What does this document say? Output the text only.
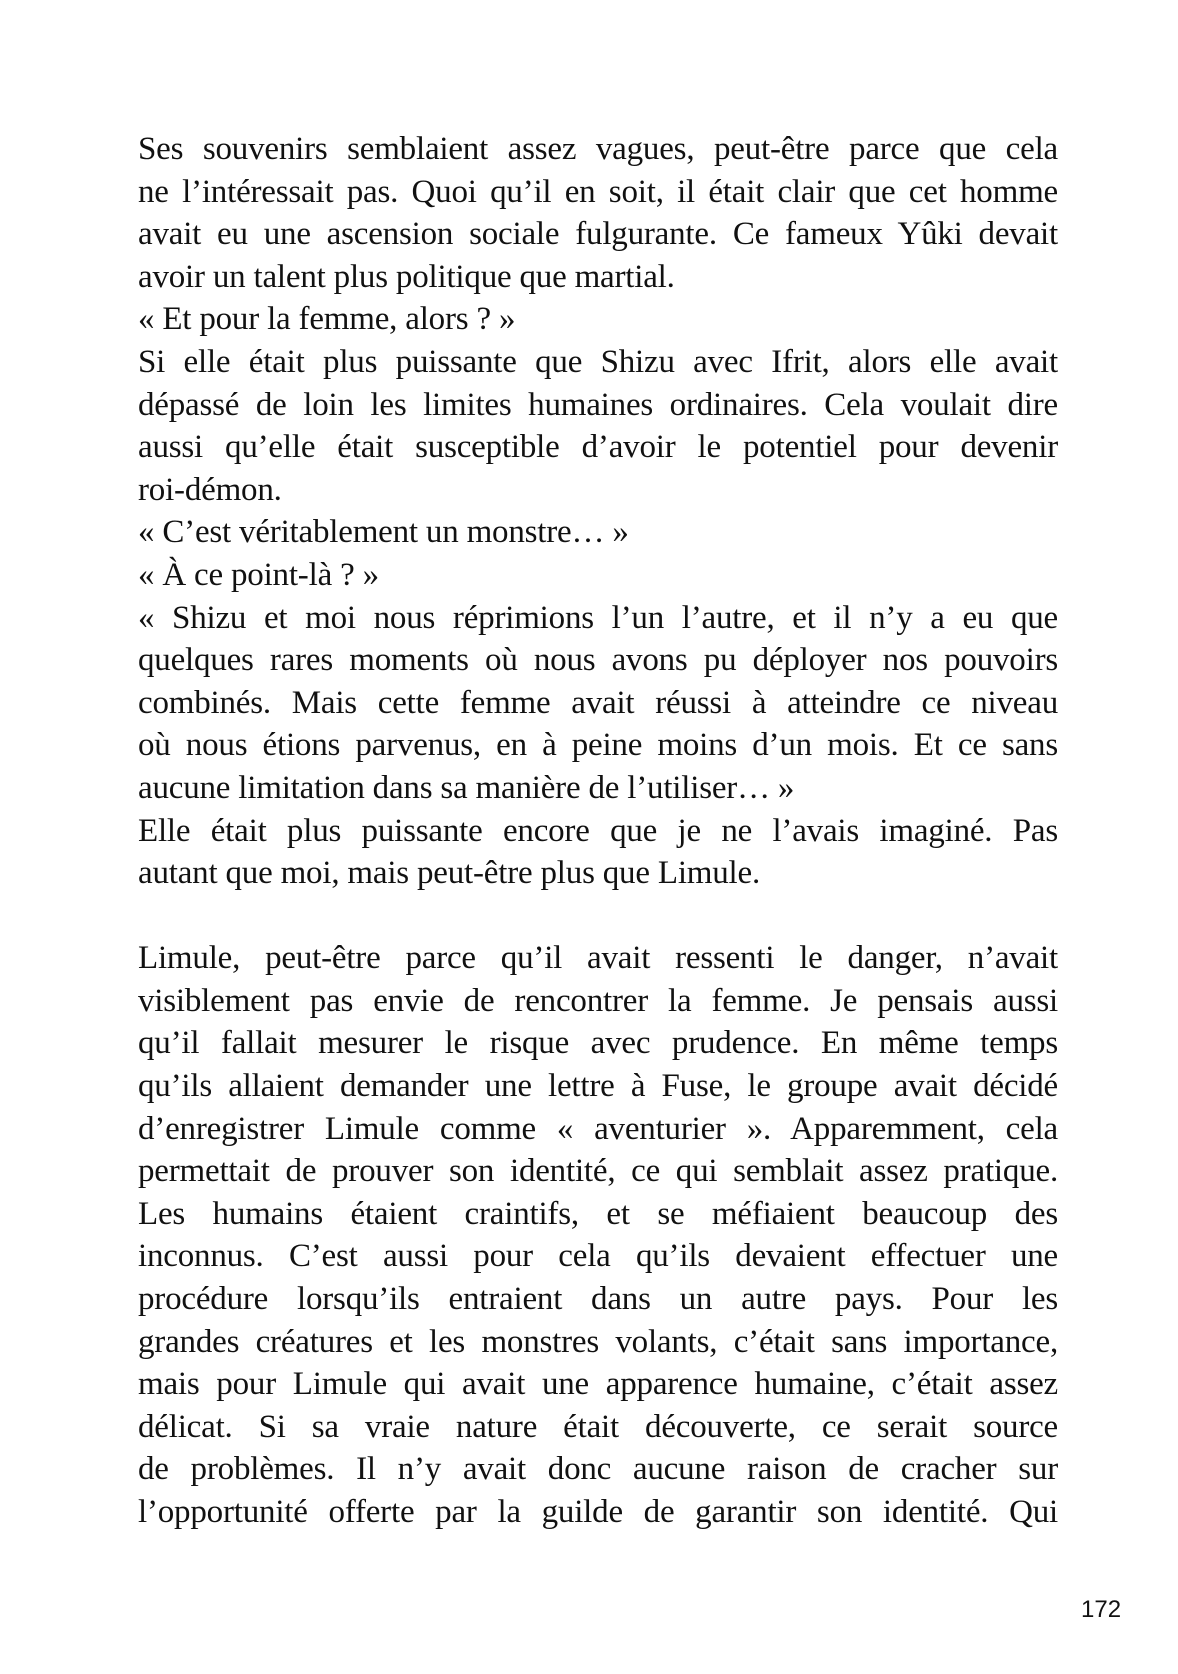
Ses souvenirs semblaient assez vagues, peut-être parce que cela
ne l’intéressait pas. Quoi qu’il en soit, il était clair que cet homme
avait eu une ascension sociale fulgurante. Ce fameux Yûki devait
avoir un talent plus politique que martial.
« Et pour la femme, alors ? »
Si elle était plus puissante que Shizu avec Ifrit, alors elle avait
dépassé de loin les limites humaines ordinaires. Cela voulait dire
aussi qu’elle était susceptible d’avoir le potentiel pour devenir
roi-démon.
« C’est véritablement un monstre… »
« À ce point-là ? »
« Shizu et moi nous réprimions l’un l’autre, et il n’y a eu que
quelques rares moments où nous avons pu déployer nos pouvoirs
combinés. Mais cette femme avait réussi à atteindre ce niveau
où nous étions parvenus, en à peine moins d’un mois. Et ce sans
aucune limitation dans sa manière de l’utiliser… »
Elle était plus puissante encore que je ne l’avais imaginé. Pas
autant que moi, mais peut-être plus que Limule.
Limule, peut-être parce qu’il avait ressenti le danger, n’avait
visiblement pas envie de rencontrer la femme. Je pensais aussi
qu’il fallait mesurer le risque avec prudence. En même temps
qu’ils allaient demander une lettre à Fuse, le groupe avait décidé
d’enregistrer Limule comme « aventurier ». Apparemment, cela
permettait de prouver son identité, ce qui semblait assez pratique.
Les humains étaient craintifs, et se méfiaient beaucoup des
inconnus. C’est aussi pour cela qu’ils devaient effectuer une
procédure lorsqu’ils entraient dans un autre pays. Pour les
grandes créatures et les monstres volants, c’était sans importance,
mais pour Limule qui avait une apparence humaine, c’était assez
délicat. Si sa vraie nature était découverte, ce serait source
de problèmes. Il n’y avait donc aucune raison de cracher sur
l’opportunité offerte par la guilde de garantir son identité. Qui
172
